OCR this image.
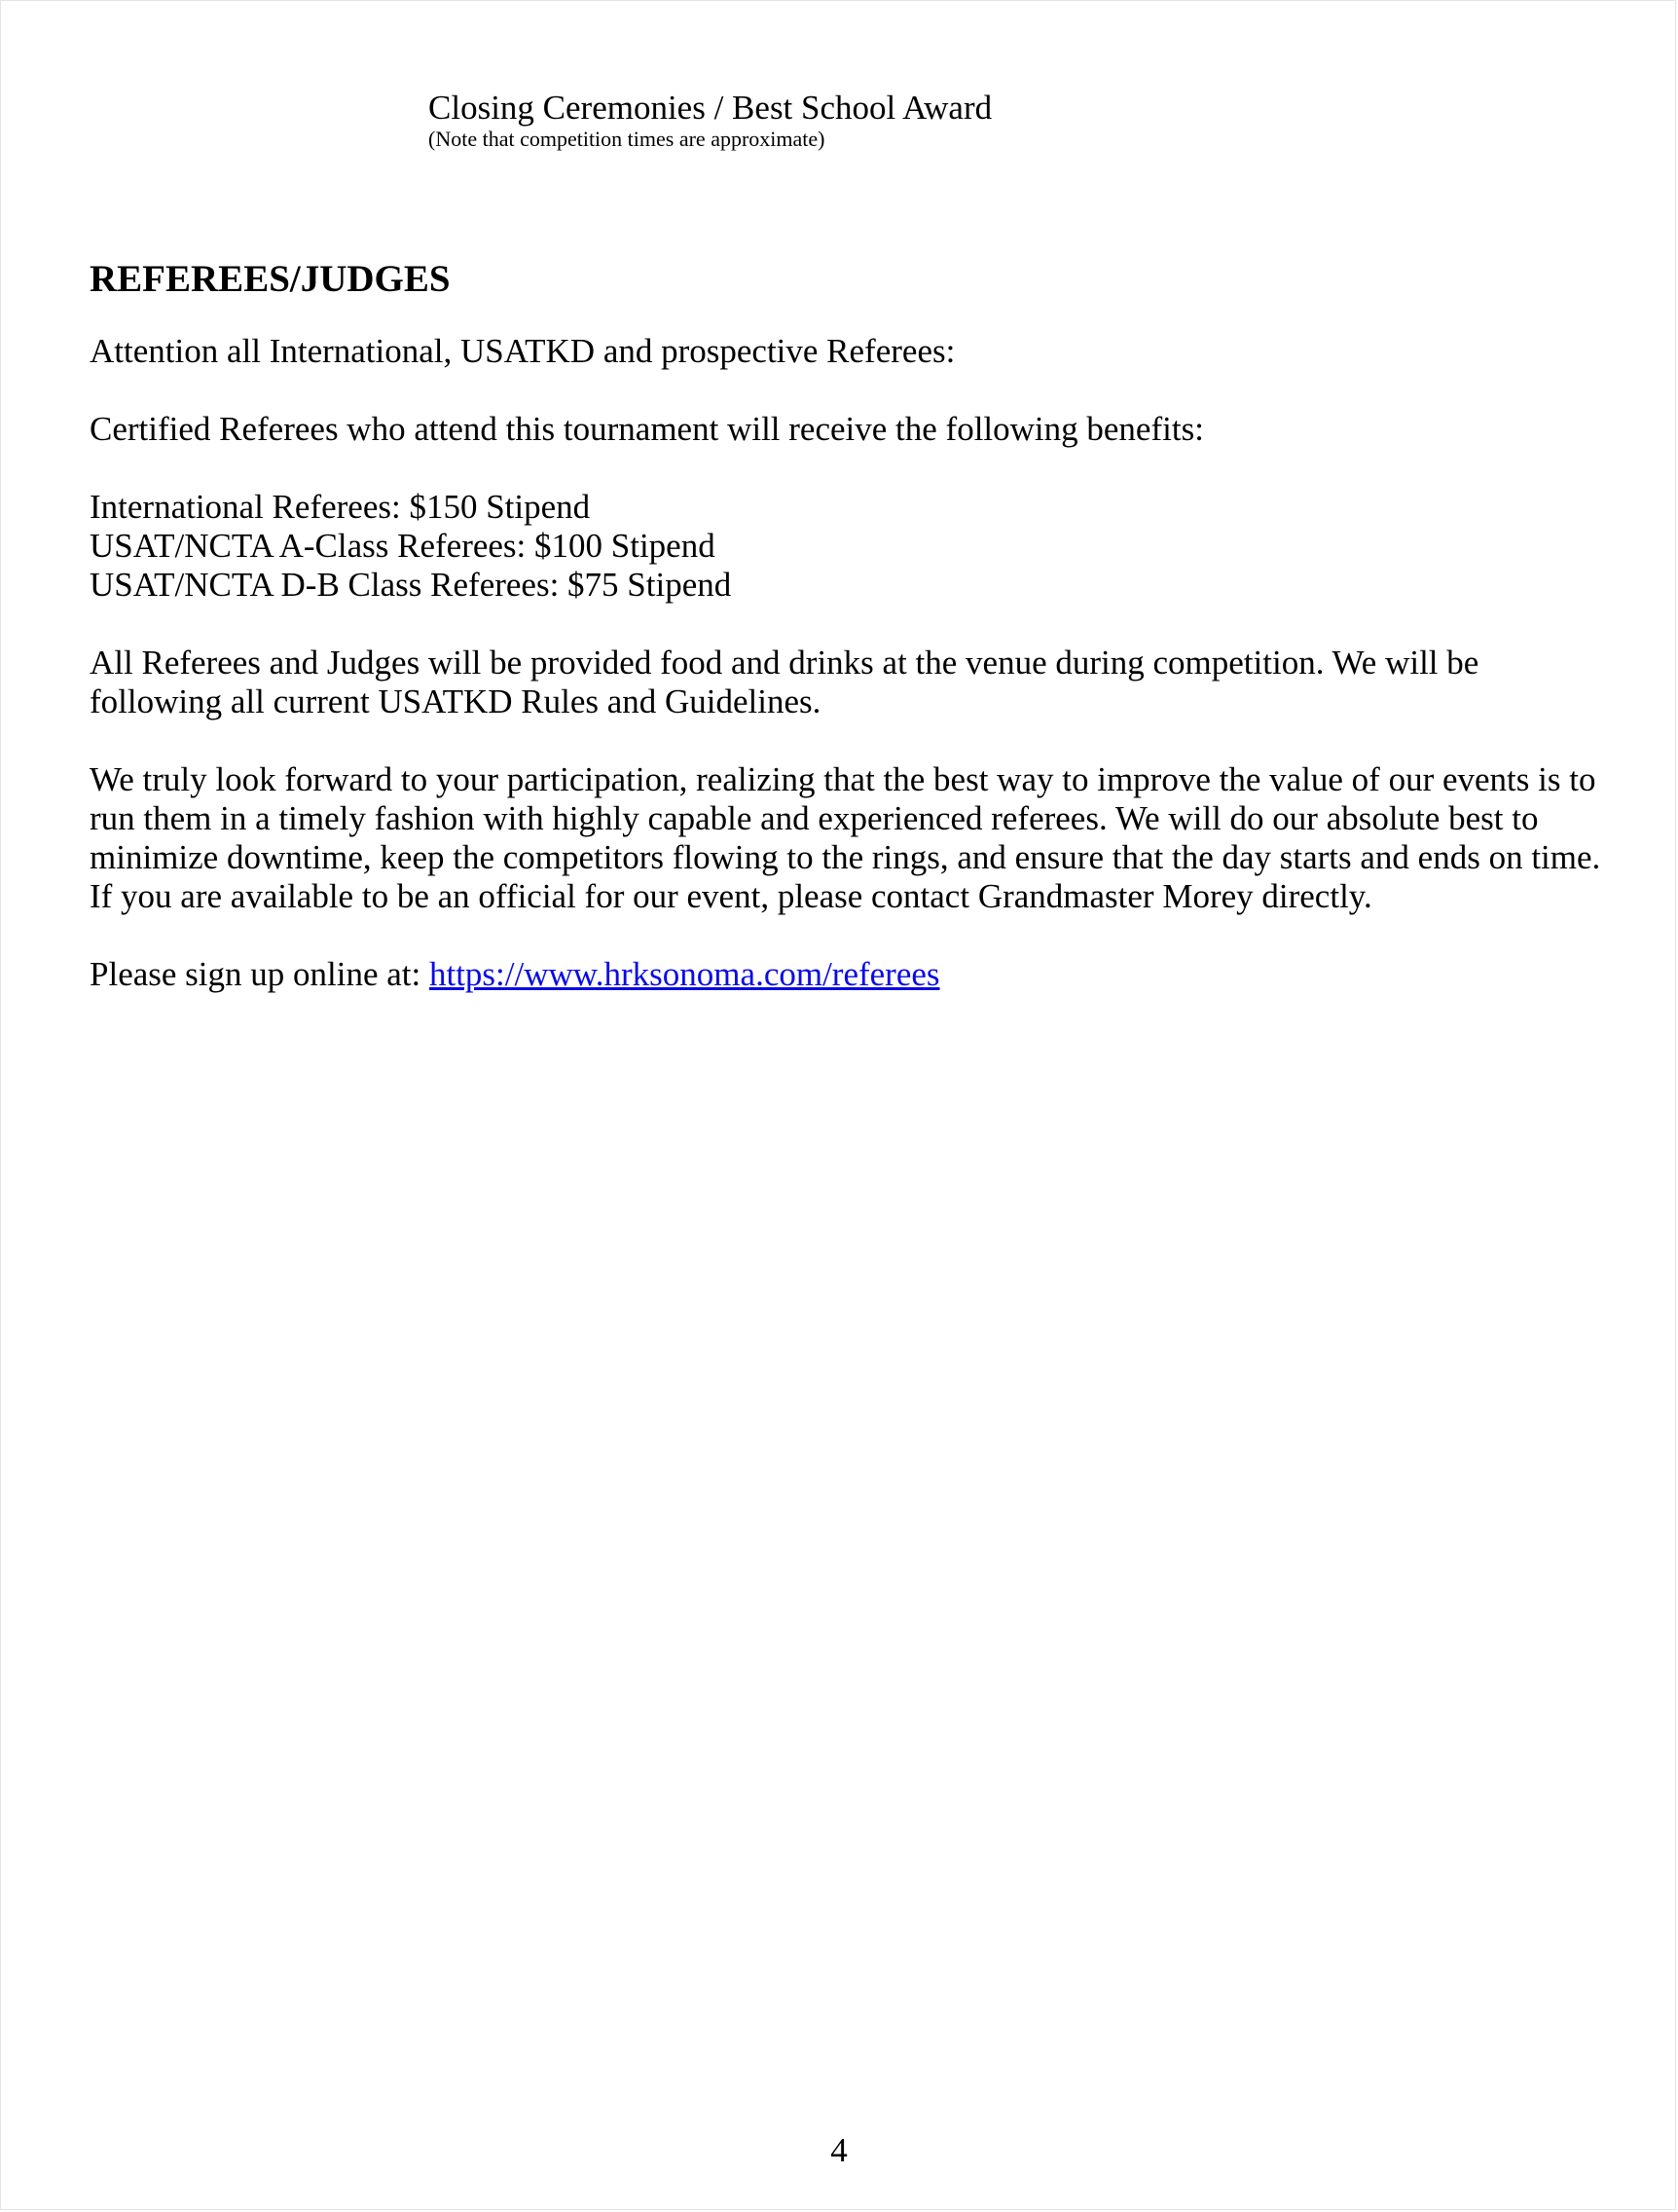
Closing Ceremonies / Best School Award

(Note that competition times are approximate)

REFEREES/JUDGES

Attention all International, USATKD and prospective Referees:

Certified Referees who attend this tournament will receive the following benefits:

International Referees: $150 Stipend
USAT/NCTA A-Class Referees: $100 Stipend
USAT/NCTA D-B Class Referees: $75 Stipend

All Referees and Judges will be provided food and drinks at the venue during competition. We will be
following all current USATKD Rules and Guidelines.

We truly look forward to your participation, realizing that the best way to improve the value of our events is to
run them in a timely fashion with highly capable and experienced referees. We will do our absolute best to
minimize downtime, keep the competitors flowing to the rings, and ensure that the day starts and ends on time.
If you are available to be an official for our event, please contact Grandmaster Morey directly.

Please sign up online at: https://www.hrksonoma.com/referees

4
